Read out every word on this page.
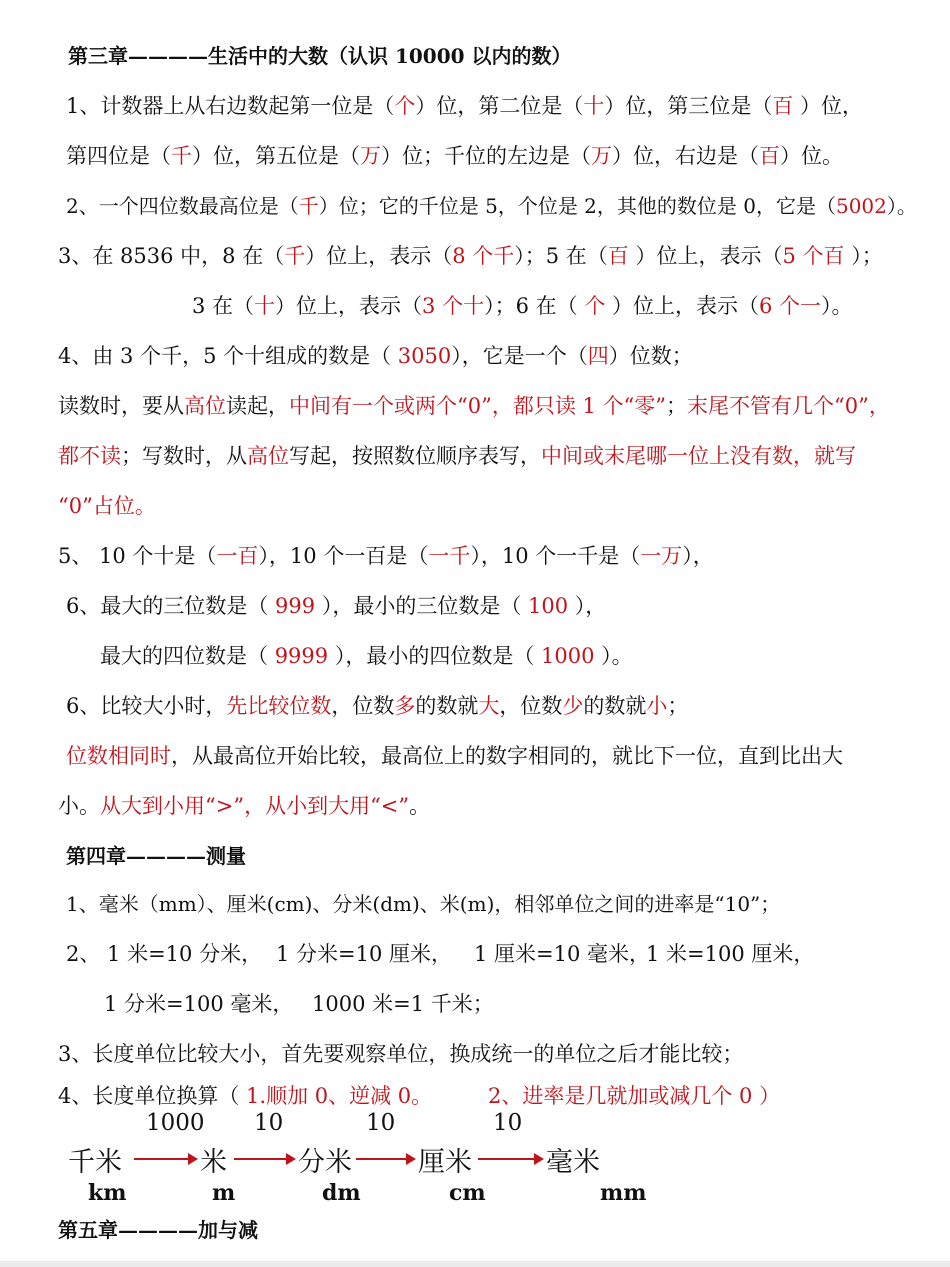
第三章————生活中的大数（认识 10000 以内的数）
1、计数器上从右边数起第一位是（个）位，第二位是（十）位，第三位是（百 ）位，
第四位是（千）位，第五位是（万）位；千位的左边是（万）位，右边是（百）位。
2、一个四位数最高位是（千）位；它的千位是 5，个位是 2，其他的数位是 0，它是（5002）。
3、在 8536 中，8 在（千）位上，表示（8 个千）；5 在（百 ）位上，表示（5 个百 ）；
3 在（十）位上，表示（3 个十）；6 在（ 个 ）位上，表示（6 个一）。
4、由 3 个千，5 个十组成的数是（ 3050），它是一个（四）位数；
读数时，要从高位读起，中间有一个或两个“0”，都只读 1 个“零”；末尾不管有几个“0”，
都不读；写数时，从高位写起，按照数位顺序表写，中间或末尾哪一位上没有数，就写
“0”占位。
5、 10 个十是（一百），10 个一百是（一千），10 个一千是（一万），
6、最大的三位数是（ 999 ），最小的三位数是（ 100 ），
最大的四位数是（ 9999 ），最小的四位数是（ 1000 ）。
6、比较大小时，先比较位数，位数多的数就大，位数少的数就小；
位数相同时，从最高位开始比较，最高位上的数字相同的，就比下一位，直到比出大
小。从大到小用“>”，从小到大用“<”。
第四章————测量
1、毫米（mm）、厘米(cm)、分米(dm)、米(m)，相邻单位之间的进率是“10”；
2、 1 米=10 分米， 1 分米=10 厘米， 1 厘米=10 毫米，
1 米=100 厘米，
1 分米=100 毫米， 1000 米=1 千米；
3、长度单位比较大小，首先要观察单位，换成统一的单位之后才能比较；
4、长度单位换算（ 1.顺加 0、逆减 0。	2、进率是几就加或减几个 0 ）
1000 10	10	10
千米	米	分米 厘米	毫米
km	m	dm	cm	mm
第五章————加与减
